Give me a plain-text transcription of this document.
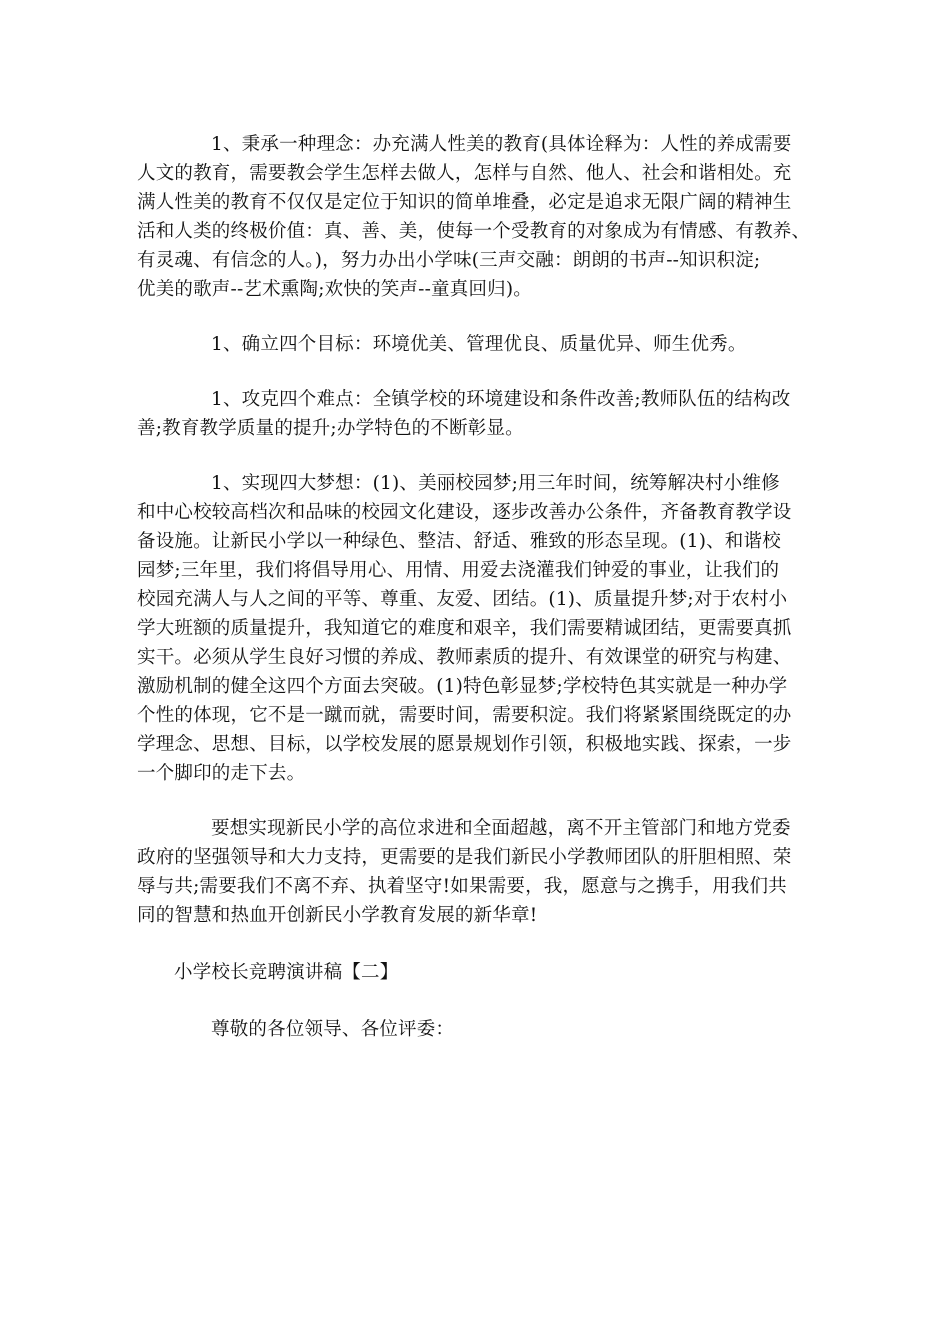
1、秉承一种理念：办充满人性美的教育(具体诠释为：人性的养成需要
人文的教育，需要教会学生怎样去做人，怎样与自然、他人、社会和谐相处。充
满人性美的教育不仅仅是定位于知识的简单堆叠，必定是追求无限广阔的精神生
活和人类的终极价值：真、善、美，使每一个受教育的对象成为有情感、有教养、
有灵魂、有信念的人。)，努力办出小学味(三声交融：朗朗的书声--知识积淀;
优美的歌声--艺术熏陶;欢快的笑声--童真回归)。
1、确立四个目标：环境优美、管理优良、质量优异、师生优秀。
1、攻克四个难点：全镇学校的环境建设和条件改善;教师队伍的结构改
善;教育教学质量的提升;办学特色的不断彰显。
1、实现四大梦想：(1)、美丽校园梦;用三年时间，统筹解决村小维修
和中心校较高档次和品味的校园文化建设，逐步改善办公条件，齐备教育教学设
备设施。让新民小学以一种绿色、整洁、舒适、雅致的形态呈现。(1)、和谐校
园梦;三年里，我们将倡导用心、用情、用爱去浇灌我们钟爱的事业，让我们的
校园充满人与人之间的平等、尊重、友爱、团结。(1)、质量提升梦;对于农村小
学大班额的质量提升，我知道它的难度和艰辛，我们需要精诚团结，更需要真抓
实干。必须从学生良好习惯的养成、教师素质的提升、有效课堂的研究与构建、
激励机制的健全这四个方面去突破。(1)特色彰显梦;学校特色其实就是一种办学
个性的体现，它不是一蹴而就，需要时间，需要积淀。我们将紧紧围绕既定的办
学理念、思想、目标，以学校发展的愿景规划作引领，积极地实践、探索，一步
一个脚印的走下去。
要想实现新民小学的高位求进和全面超越，离不开主管部门和地方党委
政府的坚强领导和大力支持，更需要的是我们新民小学教师团队的肝胆相照、荣
辱与共;需要我们不离不弃、执着坚守!如果需要，我，愿意与之携手，用我们共
同的智慧和热血开创新民小学教育发展的新华章!
小学校长竞聘演讲稿【二】
尊敬的各位领导、各位评委：
